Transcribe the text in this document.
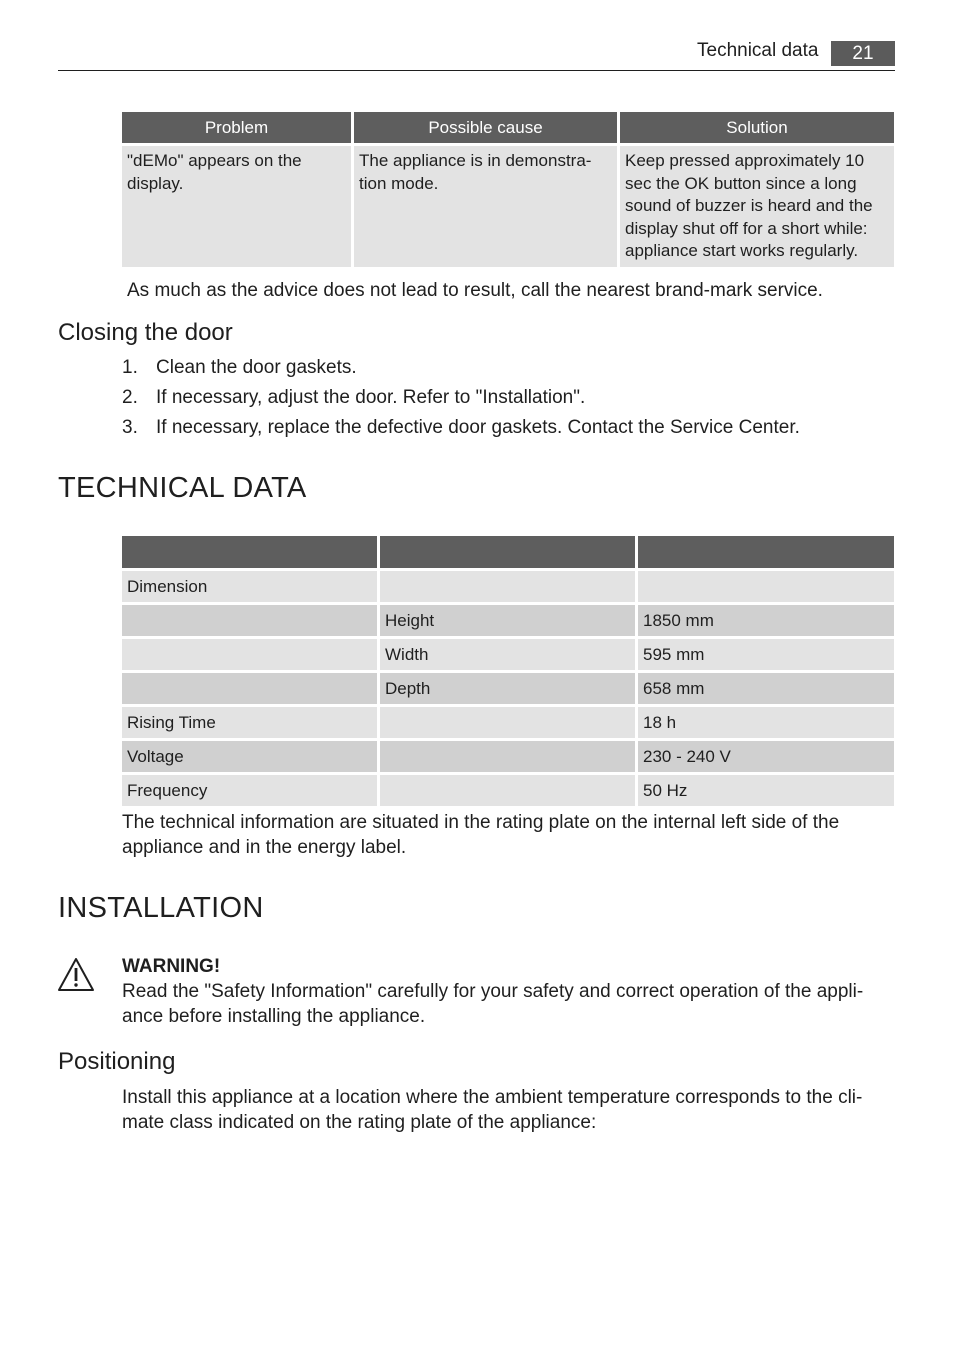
Technical data	21
Problem	Possible cause	Solution
"dEMo" appears on the display.	The appliance is in demonstra-tion mode.	Keep pressed approximately 10 sec the OK button since a long sound of buzzer is heard and the display shut off for a short while: appliance start works regularly.
As much as the advice does not lead to result, call the nearest brand-mark service.
Closing the door
1. Clean the door gaskets.
2. If necessary, adjust the door. Refer to "Installation".
3. If necessary, replace the defective door gaskets. Contact the Service Center.
TECHNICAL DATA

Dimension		
	Height	1850 mm
	Width	595 mm
	Depth	658 mm
Rising Time		18 h
Voltage		230 - 240 V
Frequency		50 Hz
The technical information are situated in the rating plate on the internal left side of the appliance and in the energy label.
INSTALLATION
WARNING!
Read the "Safety Information" carefully for your safety and correct operation of the appli-ance before installing the appliance.
Positioning
Install this appliance at a location where the ambient temperature corresponds to the cli-mate class indicated on the rating plate of the appliance:
